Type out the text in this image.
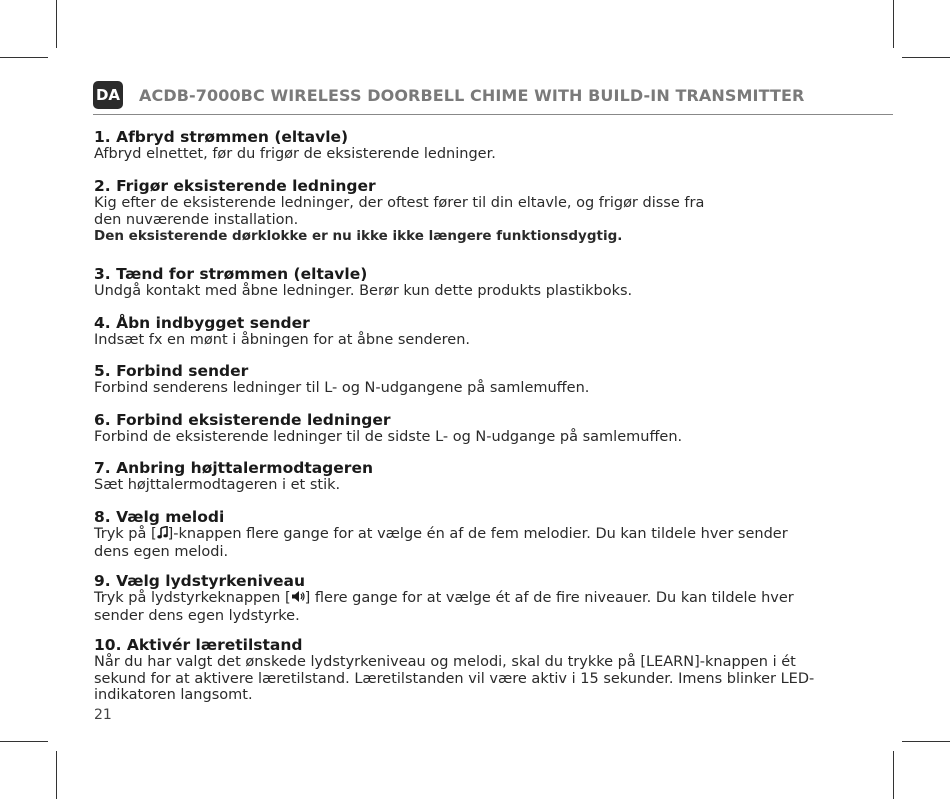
DA ACDB-7000BC WIRELESS DOORBELL CHIME WITH BUILD-IN TRANSMITTER
1. Afbryd strømmen (eltavle)

Afbryd elnettet, før du frigør de eksisterende ledninger.

2. Frigør eksisterende ledninger

Kig efter de eksisterende ledninger, der oftest fører til din eltavle, og frigør disse fra

den nuværende installation.

Den eksisterende dørklokke er nu ikke ikke længere funktionsdygtig.

3. Tænd for strømmen (eltavle)

Undgå kontakt med åbne ledninger. Berør kun dette produkts plastikboks.

4. Åbn indbygget sender

Indsæt fx en mønt i åbningen for at åbne senderen.

5. Forbind sender

Forbind senderens ledninger til L- og N-udgangene på samlemuffen.

6. Forbind eksisterende ledninger

Forbind de eksisterende ledninger til de sidste L- og N-udgange på samlemuffen.

7. Anbring højttalermodtageren

Sæt højttalermodtageren i et stik.

8. Vælg melodi

Tryk på [ ]-knappen flere gange for at vælge én af de fem melodier. Du kan tildele hver sender

dens egen melodi.

9. Vælg lydstyrkeniveau

Tryk på lydstyrkeknappen [ ] flere gange for at vælge ét af de fire niveauer. Du kan tildele hver

sender dens egen lydstyrke.

10. Aktivér læretilstand

Når du har valgt det ønskede lydstyrkeniveau og melodi, skal du trykke på [LEARN]-knappen i ét

sekund for at aktivere læretilstand. Læretilstanden vil være aktiv i 15 sekunder. Imens blinker LED-

indikatoren langsomt.

21
